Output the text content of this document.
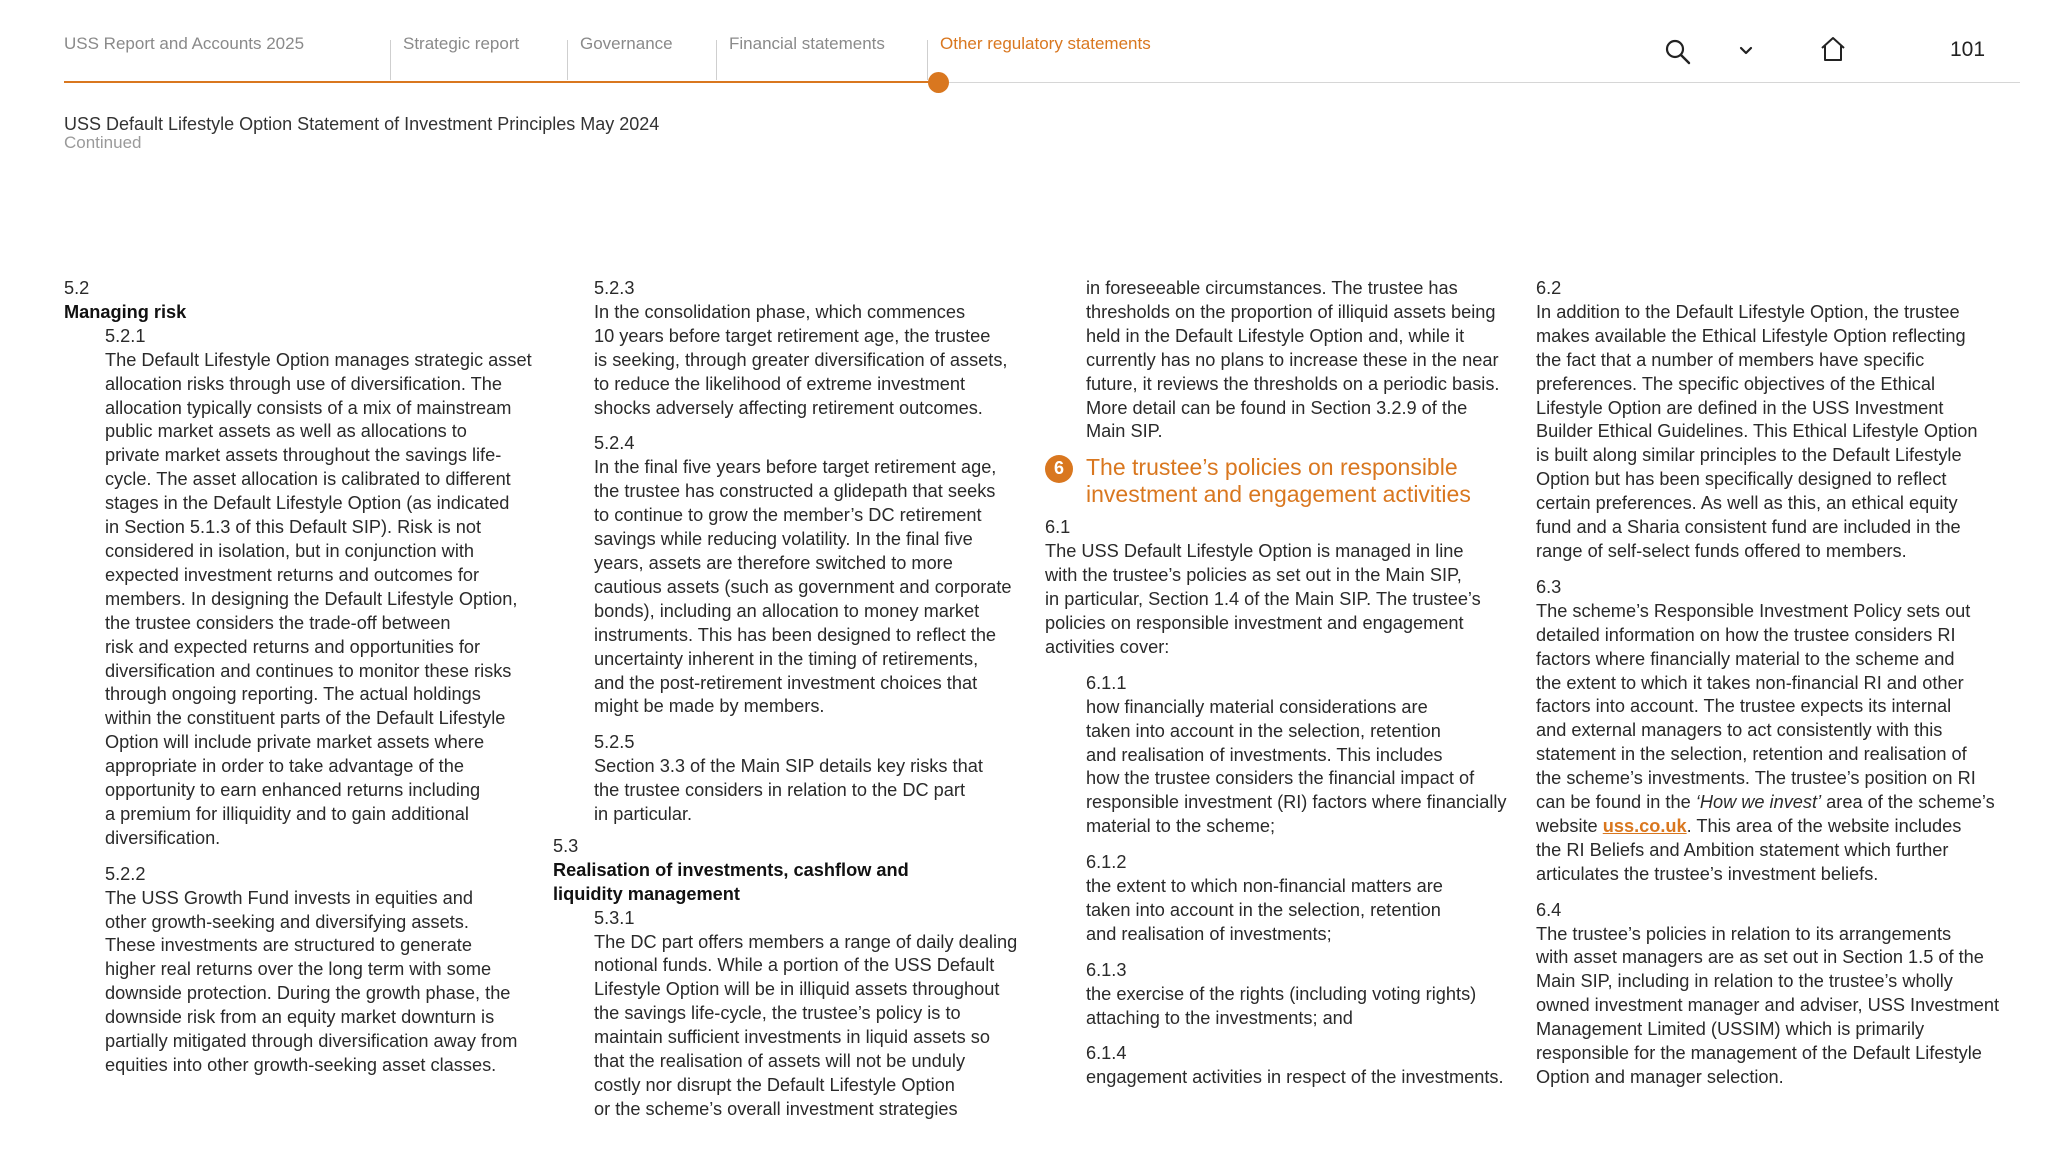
USS Report and Accounts 2025	Strategic report	Governance	Financial statements	Other regulatory statements	101
USS Default Lifestyle Option Statement of Investment Principles May 2024
Continued

5.2

Managing risk

5.2.1

The Default Lifestyle Option manages strategic asset
allocation risks through use of diversification. The
allocation typically consists of a mix of mainstream
public market assets as well as allocations to
private market assets throughout the savings life-
cycle. The asset allocation is calibrated to different
stages in the Default Lifestyle Option (as indicated
in Section 5.1.3 of this Default SIP). Risk is not
considered in isolation, but in conjunction with
expected investment returns and outcomes for
members. In designing the Default Lifestyle Option,
the trustee considers the trade-off between
risk and expected returns and opportunities for
diversification and continues to monitor these risks
through ongoing reporting. The actual holdings
within the constituent parts of the Default Lifestyle
Option will include private market assets where
appropriate in order to take advantage of the
opportunity to earn enhanced returns including
a premium for illiquidity and to gain additional
diversification.

5.2.2

The USS Growth Fund invests in equities and
other growth-seeking and diversifying assets.
These investments are structured to generate
higher real returns over the long term with some
downside protection. During the growth phase, the
downside risk from an equity market downturn is
partially mitigated through diversification away from
equities into other growth-seeking asset classes.

5.2.3

In the consolidation phase, which commences
10 years before target retirement age, the trustee
is seeking, through greater diversification of assets,
to reduce the likelihood of extreme investment
shocks adversely affecting retirement outcomes.

5.2.4

In the final five years before target retirement age,
the trustee has constructed a glidepath that seeks
to continue to grow the member’s DC retirement
savings while reducing volatility. In the final five
years, assets are therefore switched to more
cautious assets (such as government and corporate
bonds), including an allocation to money market
instruments. This has been designed to reflect the
uncertainty inherent in the timing of retirements,
and the post-retirement investment choices that
might be made by members.

5.2.5

Section 3.3 of the Main SIP details key risks that
the trustee considers in relation to the DC part
in particular.

5.3

Realisation of investments, cashflow and
liquidity management

5.3.1

The DC part offers members a range of daily dealing
notional funds. While a portion of the USS Default
Lifestyle Option will be in illiquid assets throughout
the savings life-cycle, the trustee’s policy is to
maintain sufficient investments in liquid assets so
that the realisation of assets will not be unduly
costly nor disrupt the Default Lifestyle Option
or the scheme’s overall investment strategies
in foreseeable circumstances. The trustee has
thresholds on the proportion of illiquid assets being
held in the Default Lifestyle Option and, while it
currently has no plans to increase these in the near
future, it reviews the thresholds on a periodic basis.
More detail can be found in Section 3.2.9 of the
Main SIP.
6 The trustee’s policies on responsible
investment and engagement activities

6.1

The USS Default Lifestyle Option is managed in line
with the trustee’s policies as set out in the Main SIP,
in particular, Section 1.4 of the Main SIP. The trustee’s
policies on responsible investment and engagement
activities cover:

6.1.1

how financially material considerations are
taken into account in the selection, retention
and realisation of investments. This includes
how the trustee considers the financial impact of
responsible investment (RI) factors where financially
material to the scheme;

6.1.2

the extent to which non-financial matters are
taken into account in the selection, retention
and realisation of investments;

6.1.3

the exercise of the rights (including voting rights)
attaching to the investments; and

6.1.4

engagement activities in respect of the investments.

6.2

In addition to the Default Lifestyle Option, the trustee
makes available the Ethical Lifestyle Option reflecting
the fact that a number of members have specific
preferences. The specific objectives of the Ethical
Lifestyle Option are defined in the USS Investment
Builder Ethical Guidelines. This Ethical Lifestyle Option
is built along similar principles to the Default Lifestyle
Option but has been specifically designed to reflect
certain preferences. As well as this, an ethical equity
fund and a Sharia consistent fund are included in the
range of self-select funds offered to members.

6.3

The scheme’s Responsible Investment Policy sets out
detailed information on how the trustee considers RI
factors where financially material to the scheme and
the extent to which it takes non-financial RI and other
factors into account. The trustee expects its internal
and external managers to act consistently with this
statement in the selection, retention and realisation of
the scheme’s investments. The trustee’s position on RI

can be found in the ‘How we invest’ area of the scheme’s

website uss.co.uk. This area of the website includes

the RI Beliefs and Ambition statement which further
articulates the trustee’s investment beliefs.

6.4

The trustee’s policies in relation to its arrangements
with asset managers are as set out in Section 1.5 of the
Main SIP, including in relation to the trustee’s wholly
owned investment manager and adviser, USS Investment
Management Limited (USSIM) which is primarily
responsible for the management of the Default Lifestyle
Option and manager selection.
